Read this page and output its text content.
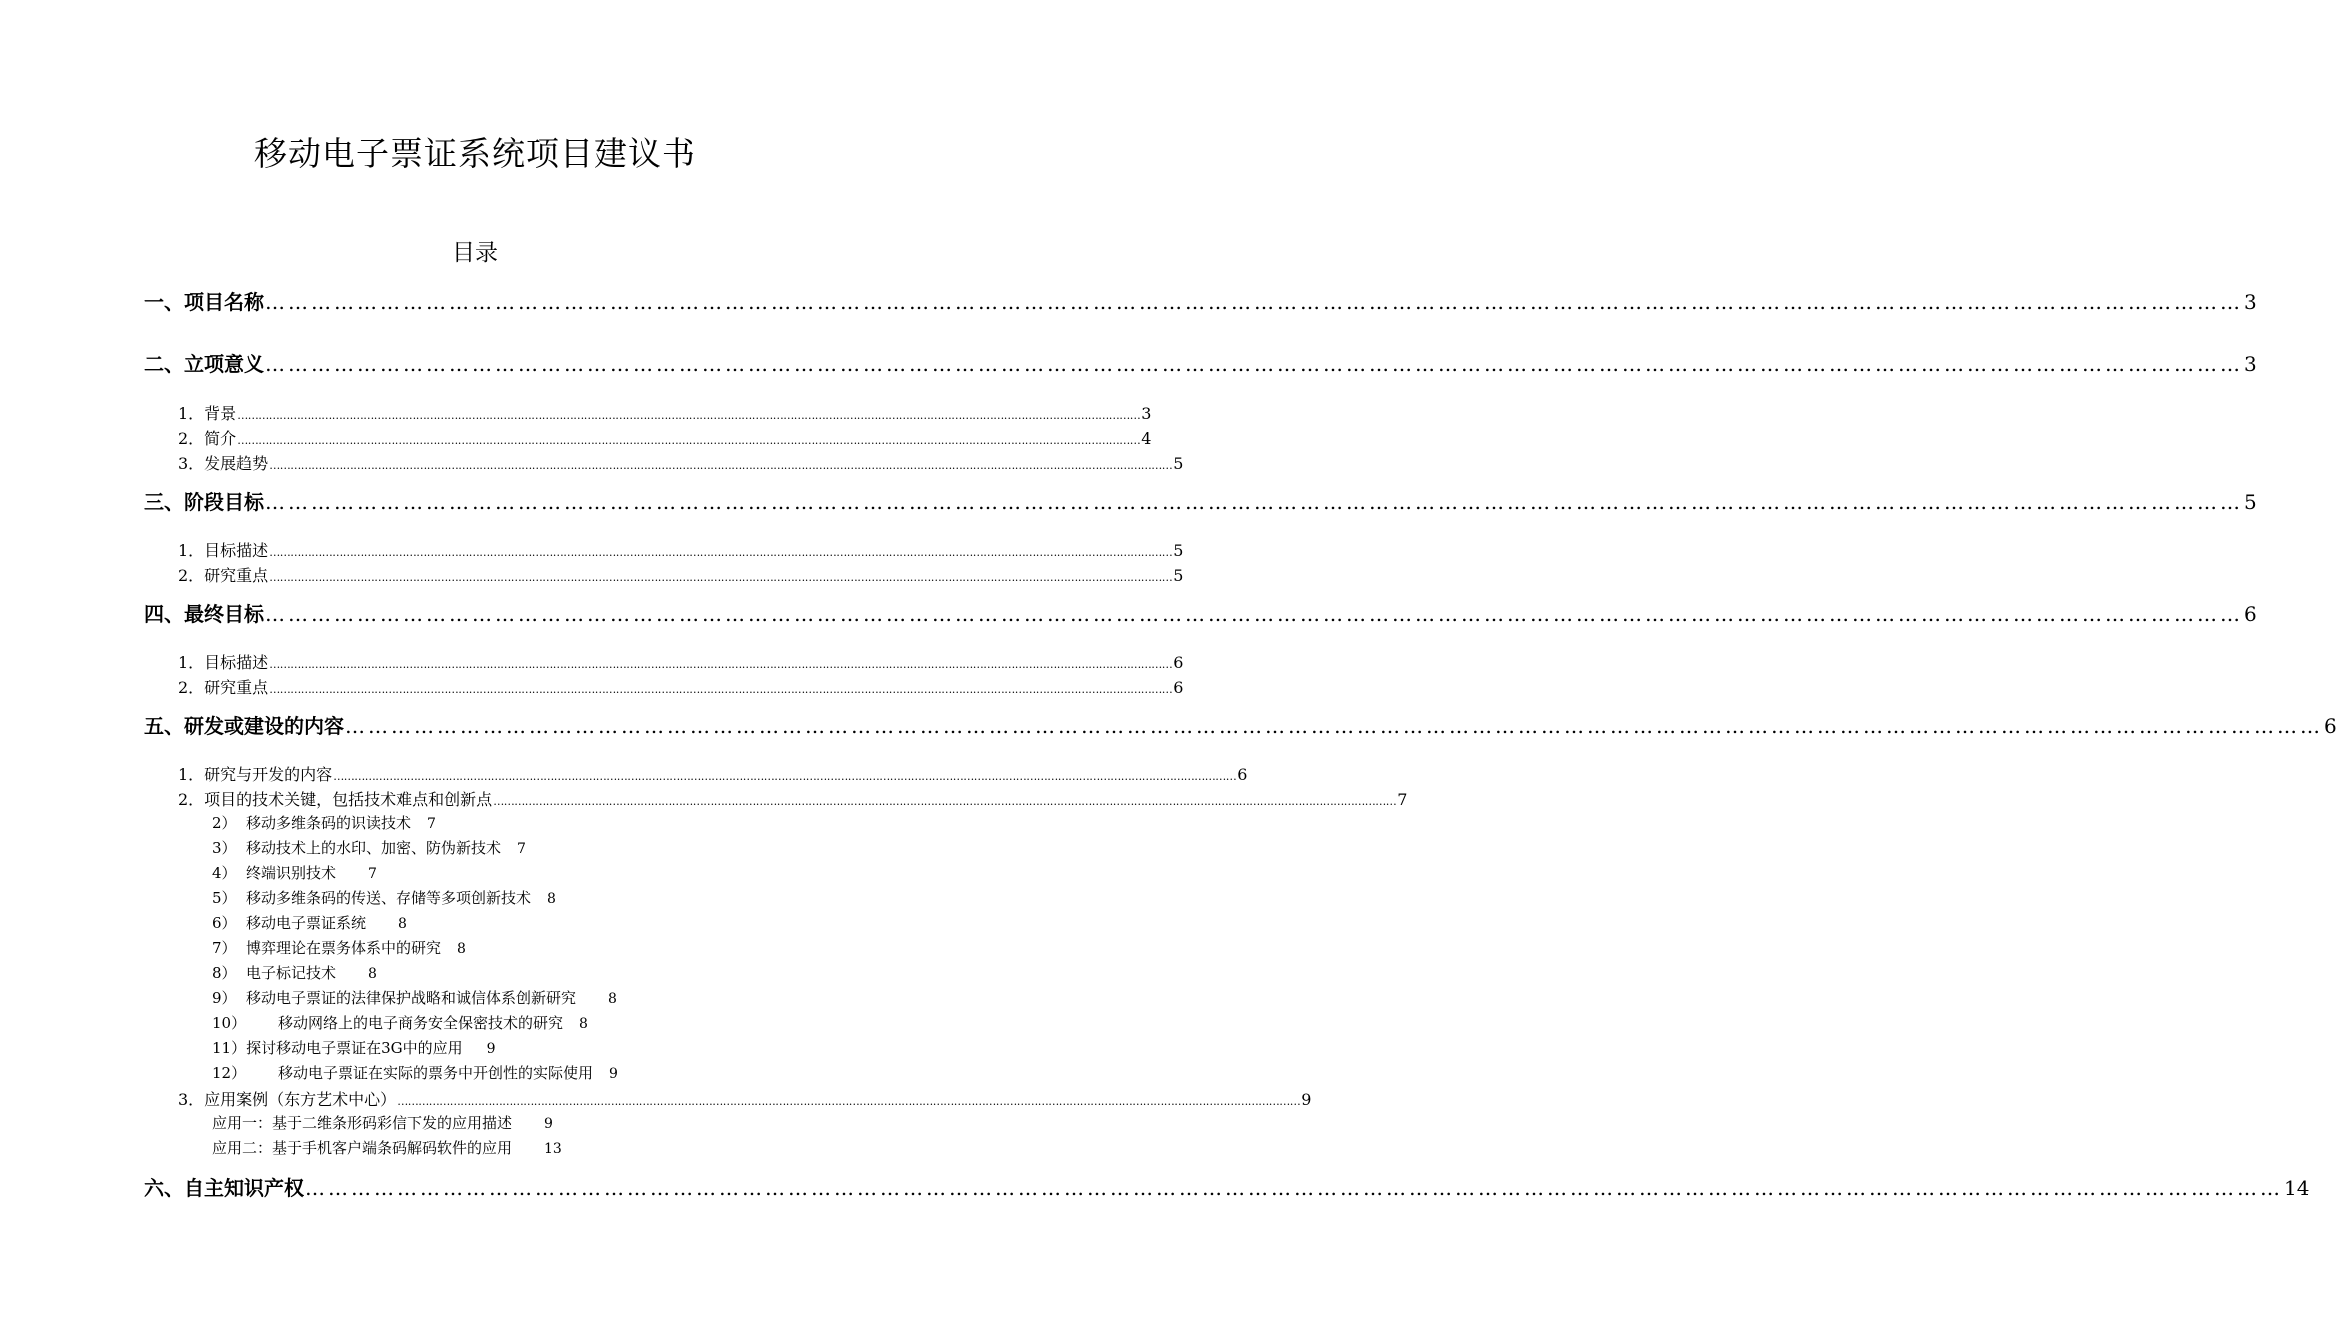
移动电子票证系统项目建议书
目录
一、项目名称 …………………………………………………………………………………………………………………………………………………………………………………………………………………………………… 3
二、立项意义 …………………………………………………………………………………………………………………………………………………………………………………………………………………………………… 3
1．背景 …………………………………………………………………………………………………………………………………………………………………………………………………………………………………… 3
2．简介 …………………………………………………………………………………………………………………………………………………………………………………………………………………………………… 4
3．发展趋势 …………………………………………………………………………………………………………………………………………………………………………………………………………………………………… 5
三、阶段目标 …………………………………………………………………………………………………………………………………………………………………………………………………………………………………… 5
1．目标描述 …………………………………………………………………………………………………………………………………………………………………………………………………………………………………… 5
2．研究重点 …………………………………………………………………………………………………………………………………………………………………………………………………………………………………… 5
四、最终目标 …………………………………………………………………………………………………………………………………………………………………………………………………………………………………… 6
1．目标描述 …………………………………………………………………………………………………………………………………………………………………………………………………………………………………… 6
2．研究重点 …………………………………………………………………………………………………………………………………………………………………………………………………………………………………… 6
五、研发或建设的内容 …………………………………………………………………………………………………………………………………………………………………………………………………………………………………… 6
1．研究与开发的内容 …………………………………………………………………………………………………………………………………………………………………………………………………………………………………… 6
2．项目的技术关键，包括技术难点和创新点 …………………………………………………………………………………………………………………………………………………………………………………………………………………………………… 7
2） 移动多维条码的识读技术 7
3） 移动技术上的水印、加密、防伪新技术 7
4） 终端识别技术 7
5） 移动多维条码的传送、存储等多项创新技术 8
6） 移动电子票证系统 8
7） 博弈理论在票务体系中的研究 8
8） 电子标记技术 8
9） 移动电子票证的法律保护战略和诚信体系创新研究 8
10）	移动网络上的电子商务安全保密技术的研究 8
11） 探讨移动电子票证在3G中的应用 9
12）	移动电子票证在实际的票务中开创性的实际使用 9
3．应用案例（东方艺术中心） …………………………………………………………………………………………………………………………………………………………………………………………………………………………………… 9
应用一：基于二维条形码彩信下发的应用描述 9
应用二：基于手机客户端条码解码软件的应用 13
六、自主知识产权 …………………………………………………………………………………………………………………………………………………………………………………………………………………………………… 14
